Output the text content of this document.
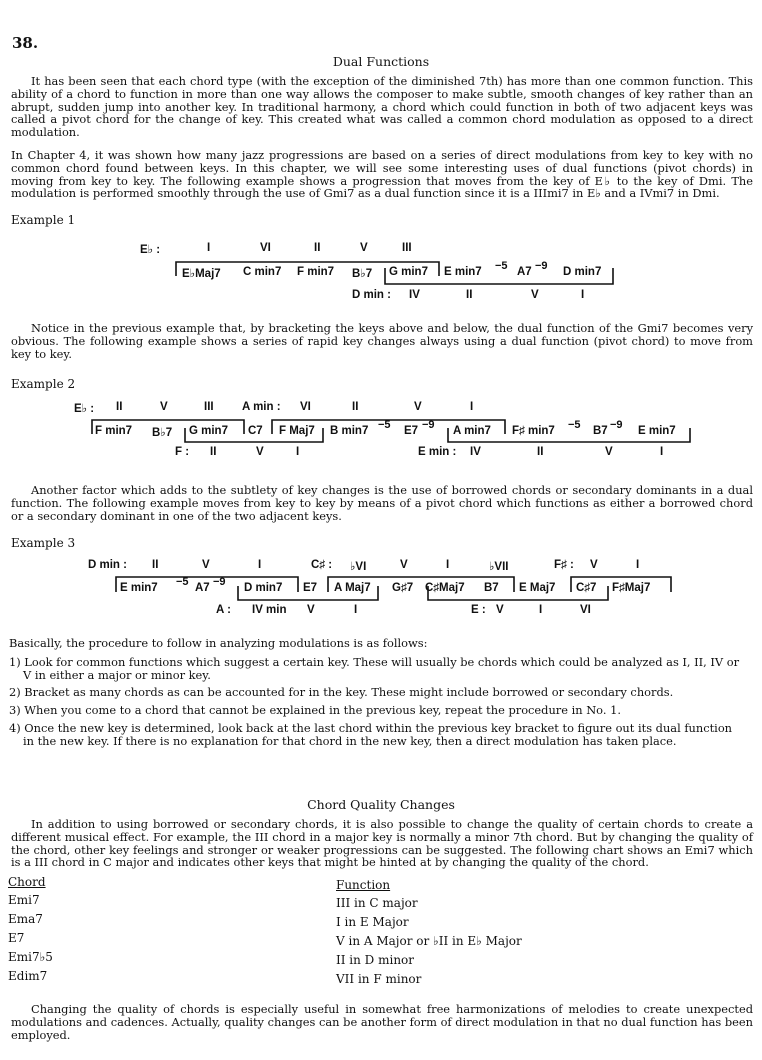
38.
Dual Functions
It has been seen that each chord type (with the exception of the diminished 7th) has more than one common function. This ability of a chord to function in more than one way allows the composer to make subtle, smooth changes of key rather than an abrupt, sudden jump into another key. In traditional harmony, a chord which could function in both of two adjacent keys was called a pivot chord for the change of key. This created what was called a common chord modulation as opposed to a direct modulation.
In Chapter 4, it was shown how many jazz progressions are based on a series of direct modulations from key to key with no common chord found between keys. In this chapter, we will see some interesting uses of dual functions (pivot chords) in moving from key to key. The following example shows a progression that moves from the key of E♭ to the key of Dmi. The modulation is performed smoothly through the use of Gmi7 as a dual function since it is a IIImi7 in E♭ and a IVmi7 in Dmi.
Example 1
E♭ :	I	VI	II	V	III
E♭Maj7 C min7 F min7 B♭7 G min7 E min7 −5 A7 −9 D min7
D min : IV	II	V	I
Notice in the previous example that, by bracketing the keys above and below, the dual function of the Gmi7 becomes very obvious. The following example shows a series of rapid key changes always using a dual function (pivot chord) to move from key to key.
Example 2
E♭ : II	V	III A min : VI	II	V	I
F min7 B♭7 G min7 C7 F Maj7 B min7 −5 E7 −9 A min7 F♯ min7 −5 B7 −9 E min7
F : II	V	I	E min : IV	II	V	I
Another factor which adds to the subtlety of key changes is the use of borrowed chords or secondary dominants in a dual function. The following example moves from key to key by means of a pivot chord which functions as either a borrowed chord or a secondary dominant in one of the two adjacent keys.
Example 3
D min : II	V	I	C♯ : ♭VI	V	I	♭VII	F♯ : V	I
E min7 −5 A7 −9 D min7 E7 A Maj7 G♯7 C♯Maj7 B7 E Maj7 C♯7 F♯Maj7
A : IV min V	I	E : V	I	VI
Basically, the procedure to follow in analyzing modulations is as follows:
1) Look for common functions which suggest a certain key. These will usually be chords which could be analyzed as I, II, IV or V in either a major or minor key.
2) Bracket as many chords as can be accounted for in the key. These might include borrowed or secondary chords.
3) When you come to a chord that cannot be explained in the previous key, repeat the procedure in No. 1.
4) Once the new key is determined, look back at the last chord within the previous key bracket to figure out its dual function in the new key. If there is no explanation for that chord in the new key, then a direct modulation has taken place.
Chord Quality Changes
In addition to using borrowed or secondary chords, it is also possible to change the quality of certain chords to create a different musical effect. For example, the III chord in a major key is normally a minor 7th chord. But by changing the quality of the chord, other key feelings and stronger or weaker progressions can be suggested. The following chart shows an Emi7 which is a III chord in C major and indicates other keys that might be hinted at by changing the quality of the chord.
Chord	Function
Emi7	III in C major
Ema7	I in E Major
E7	V in A Major or ♭II in E♭ Major
Emi7♭5	II in D minor
Edim7	VII in F minor
Changing the quality of chords is especially useful in somewhat free harmonizations of melodies to create unexpected modulations and cadences. Actually, quality changes can be another form of direct modulation in that no dual function has been employed.
